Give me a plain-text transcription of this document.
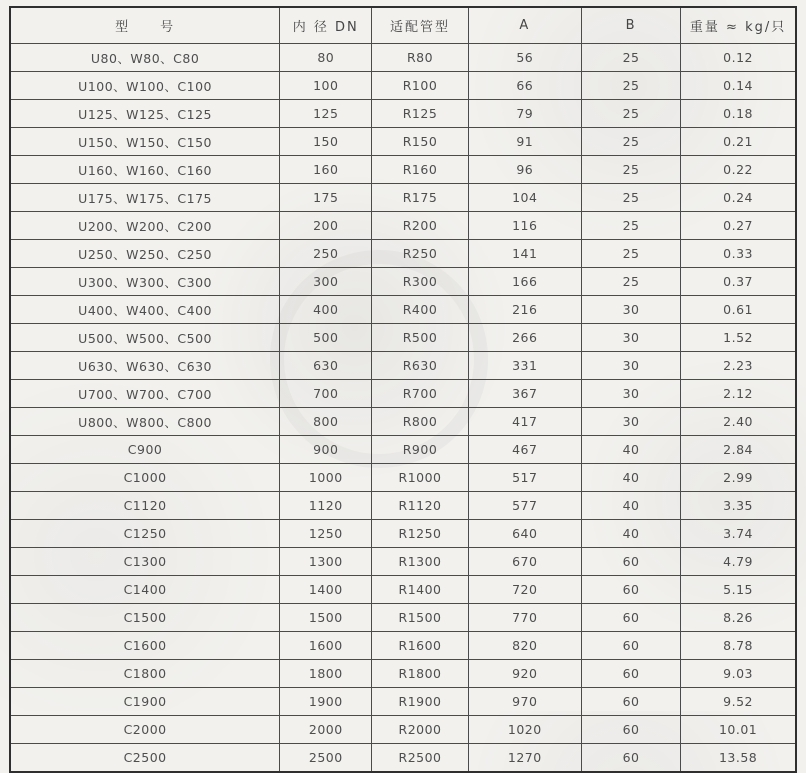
型　　号	内 径 DN	适配管型	A	B	重量 ≈ kg/只
U80、W80、C80	80	R80	56	25	0.12
U100、W100、C100	100	R100	66	25	0.14
U125、W125、C125	125	R125	79	25	0.18
U150、W150、C150	150	R150	91	25	0.21
U160、W160、C160	160	R160	96	25	0.22
U175、W175、C175	175	R175	104	25	0.24
U200、W200、C200	200	R200	116	25	0.27
U250、W250、C250	250	R250	141	25	0.33
U300、W300、C300	300	R300	166	25	0.37
U400、W400、C400	400	R400	216	30	0.61
U500、W500、C500	500	R500	266	30	1.52
U630、W630、C630	630	R630	331	30	2.23
U700、W700、C700	700	R700	367	30	2.12
U800、W800、C800	800	R800	417	30	2.40
C900	900	R900	467	40	2.84
C1000	1000	R1000	517	40	2.99
C1120	1120	R1120	577	40	3.35
C1250	1250	R1250	640	40	3.74
C1300	1300	R1300	670	60	4.79
C1400	1400	R1400	720	60	5.15
C1500	1500	R1500	770	60	8.26
C1600	1600	R1600	820	60	8.78
C1800	1800	R1800	920	60	9.03
C1900	1900	R1900	970	60	9.52
C2000	2000	R2000	1020	60	10.01
C2500	2500	R2500	1270	60	13.58
